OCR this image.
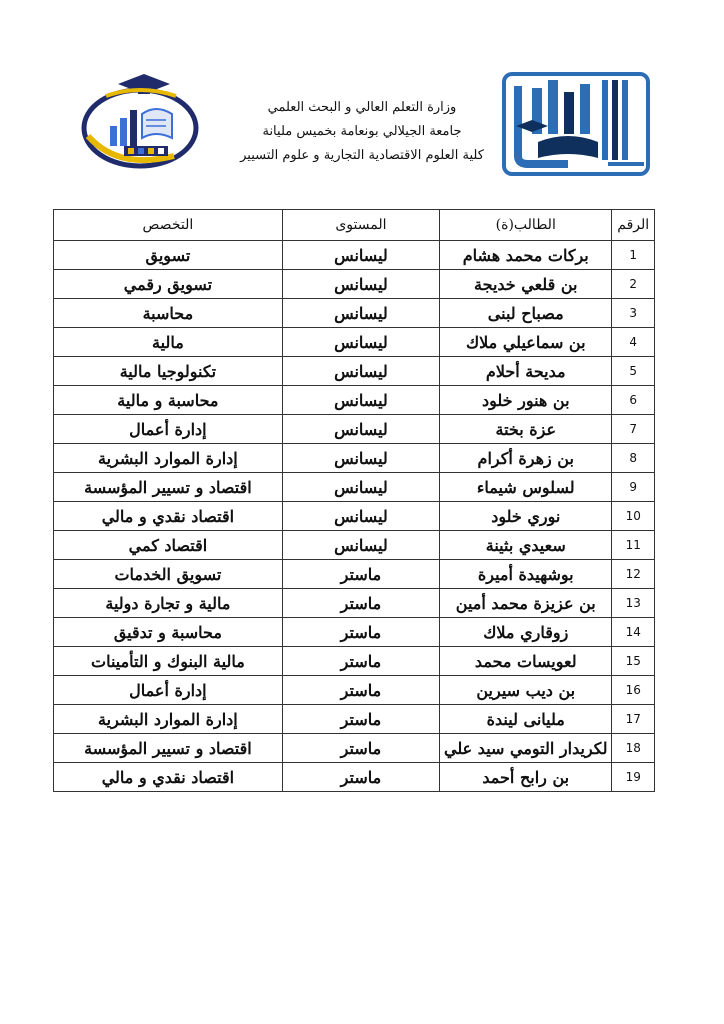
وزارة التعلم العالي و البحث العلمي
جامعة الجيلالي بونعامة بخميس مليانة
كلية العلوم الاقتصادية التجارية و علوم التسيير
الرقم	الطالب(ة)	المستوى	التخصص
1	بركات محمد هشام	ليسانس	تسويق
2	بن قلعي خديجة	ليسانس	تسويق رقمي
3	مصباح لبنى	ليسانس	محاسبة
4	بن سماعيلي ملاك	ليسانس	مالية
5	مديحة أحلام	ليسانس	تكنولوجيا مالية
6	بن هنور خلود	ليسانس	محاسبة و مالية
7	عزة بختة	ليسانس	إدارة أعمال
8	بن زهرة أكرام	ليسانس	إدارة الموارد البشرية
9	لسلوس شيماء	ليسانس	اقتصاد و تسيير المؤسسة
10	نوري خلود	ليسانس	اقتصاد نقدي و مالي
11	سعيدي بثينة	ليسانس	اقتصاد كمي
12	بوشهيدة أميرة	ماستر	تسويق الخدمات
13	بن عزيزة محمد أمين	ماستر	مالية و تجارة دولية
14	زوقاري ملاك	ماستر	محاسبة و تدقيق
15	لعويسات محمد	ماستر	مالية البنوك و التأمينات
16	بن ديب سيرين	ماستر	إدارة أعمال
17	مليانى ليندة	ماستر	إدارة الموارد البشرية
18	لكريدار التومي سيد علي	ماستر	اقتصاد و تسيير المؤسسة
19	بن رابح أحمد	ماستر	اقتصاد نقدي و مالي
